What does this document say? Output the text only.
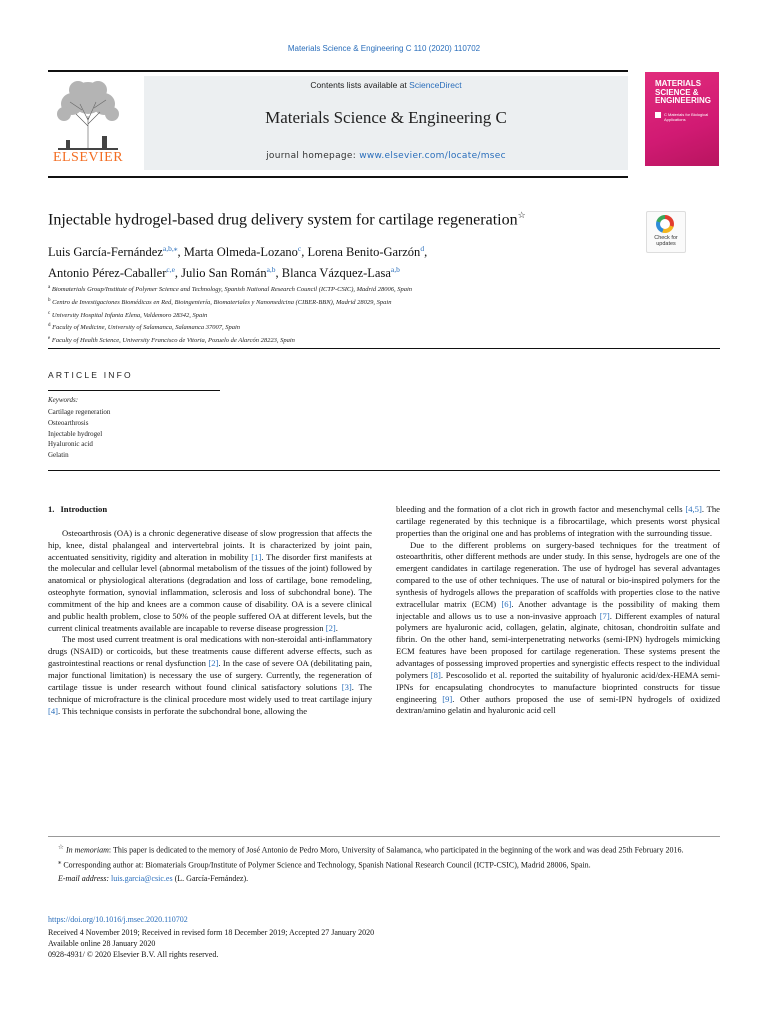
Materials Science & Engineering C 110 (2020) 110702
ELSEVIER
Contents lists available at ScienceDirect
Materials Science & Engineering C
journal homepage: www.elsevier.com/locate/msec
MATERIALS SCIENCE & ENGINEERING
C Materials for Biological Applications
Injectable hydrogel-based drug delivery system for cartilage regeneration☆
Check for updates
Luis García-Fernández$^{a,b,⁎}$, Marta Olmeda-Lozano$^c$, Lorena Benito-Garzón$^d$,
Antonio Pérez-Caballer$^{c,e}$, Julio San Román$^{a,b}$, Blanca Vázquez-Lasa$^{a,b}$
$^a$ Biomaterials Group/Institute of Polymer Science and Technology, Spanish National Research Council (ICTP-CSIC), Madrid 28006, Spain
$^b$ Centro de Investigaciones Biomédicas en Red, Bioingeniería, Biomateriales y Nanomedicina (CIBER-BBN), Madrid 28029, Spain
$^c$ University Hospital Infanta Elena, Valdemoro 28342, Spain
$^d$ Faculty of Medicine, University of Salamanca, Salamanca 37007, Spain
$^e$ Faculty of Health Science, University Francisco de Vitoria, Pozuelo de Alarcón 28223, Spain
ARTICLE INFO
Keywords:
Cartilage regeneration
Osteoarthrosis
Injectable hydrogel
Hyaluronic acid
Gelatin
1. Introduction

Osteoarthrosis (OA) is a chronic degenerative disease of slow progression that affects the hip, knee, distal phalangeal and intervertebral joints. It is characterized by joint pain, accentuated sensitivity, rigidity and alteration in mobility [1]. The disorder first manifests at the molecular and cellular level (abnormal metabolism of the tissues of the joint) followed by anatomical or physiological alterations (degradation and loss of cartilage, bone remodeling, osteophyte formation, synovial inflammation, sclerosis and loss of subchondral bone). The commitment of the hip and knees are a common cause of disability. OA is a severe clinical and public health problem, close to 50% of the people suffered OA at different levels, but the current clinical treatments available are incapable to reverse disease progression [2].

The most used current treatment is oral medications with non-steroidal anti-inflammatory drugs (NSAID) or corticoids, but these treatments cause different adverse effects, such as gastrointestinal reactions or renal dysfunction [2]. In the case of severe OA (debilitating pain, major functional limitation) is necessary the use of surgery. Currently, the regeneration of cartilage tissue is under research without found clinical satisfactory solutions [3]. The technique of microfracture is the clinical procedure most widely used to treat cartilage injury [4]. This technique consists in perforate the subchondral bone, allowing the

bleeding and the formation of a clot rich in growth factor and mesenchymal cells [4,5]. The cartilage regenerated by this technique is a fibrocartilage, which presents worst physical properties than the original one and has problems of integration with the surrounding tissue.

Due to the different problems on surgery-based techniques for the treatment of osteoarthritis, other different methods are under study. In this sense, hydrogels are one of the emergent candidates in cartilage regeneration. The use of hydrogel has several advantages compared to the use of other techniques. The use of natural or bio-inspired polymers for the synthesis of hydrogels allows the preparation of scaffolds with properties close to the native extracellular matrix (ECM) [6]. Another advantage is the possibility of making them injectable and allows us to use a non-invasive approach [7]. Different examples of natural polymers are hyaluronic acid, collagen, gelatin, alginate, chitosan, chondroitin sulfate and fibrin. On the other hand, semi-interpenetrating networks (semi-IPN) hydrogels mimicking ECM features have been proposed for cartilage regeneration. These systems present the advantages of possessing improved properties and synergistic effects respect to the individual polymers [8]. Pescosolido et al. reported the suitability of hyaluronic acid/dex-HEMA semi-IPNs for encapsulating chondrocytes to manufacture bioprinted constructs for tissue engineering [9]. Other authors proposed the use of semi-IPN hydrogels of oxidized dextran/amino gelatin and hyaluronic acid cell

☆ In memoriam: This paper is dedicated to the memory of José Antonio de Pedro Moro, University of Salamanca, who participated in the beginning of the work and was dead 25th February 2016.

⁎ Corresponding author at: Biomaterials Group/Institute of Polymer Science and Technology, Spanish National Research Council (ICTP-CSIC), Madrid 28006, Spain.

E-mail address: luis.garcia@csic.es (L. García-Fernández).

https://doi.org/10.1016/j.msec.2020.110702
Received 4 November 2019; Received in revised form 18 December 2019; Accepted 27 January 2020
Available online 28 January 2020
0928-4931/ © 2020 Elsevier B.V. All rights reserved.
